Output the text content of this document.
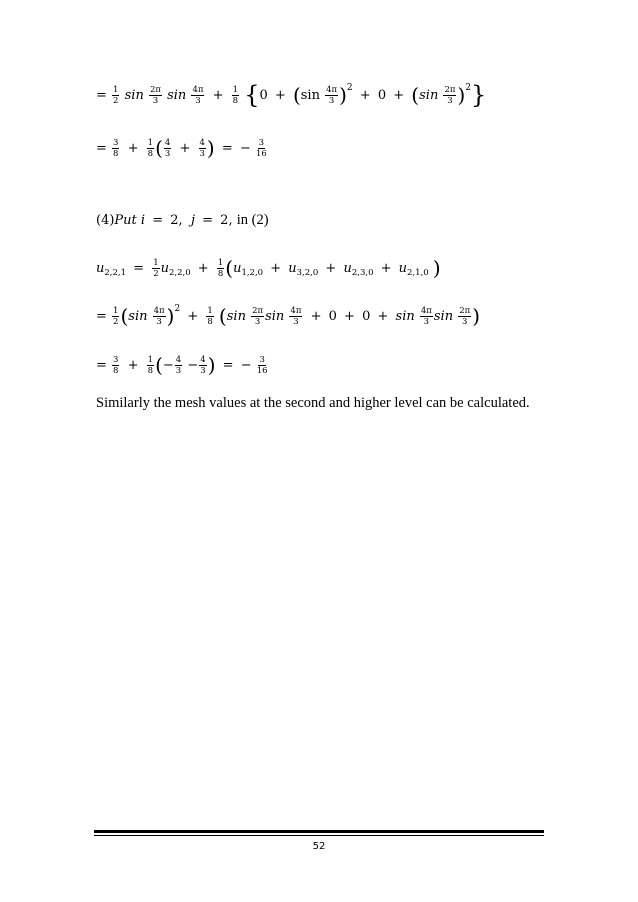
= $\frac{1}{2}$ $\sin \frac{2\pi}{3}$ $\sin \frac{4\pi}{3} + \frac{1}{8} \{0 + (\sin \frac{4\pi}{3} )^2 + 0 + (\sin \frac{2\pi}{3} )^2\}$
= $\frac{3}{8} + \frac{1}{8}$ ( $\frac{4}{3} + \frac{4}{3}$ ) = − $\frac{3}{16}$
(4)Put i = 2, j = 2, in (2)
$u_{2,2,1} = \frac{1}{2} u_{2,2,0} + \frac{1}{8} (u_{1,2,0} + u_{3,2,0} + u_{2,3,0} + u_{2,1,0}$ )
= $\frac{1}{2} (\sin \frac{4\pi}{3} )^2 + \frac{1}{8} (\sin \frac{2\pi}{3}$ $\sin \frac{4\pi}{3} + 0 + 0 + \sin \frac{4\pi}{3}$ $\sin \frac{2\pi}{3}$ )
= $\frac{3}{8} + \frac{1}{8}$ (− $\frac{4}{3} - \frac{4}{3}$ ) = − $\frac{3}{16}$
Similarly the mesh values at the second and higher level can be calculated.
52
